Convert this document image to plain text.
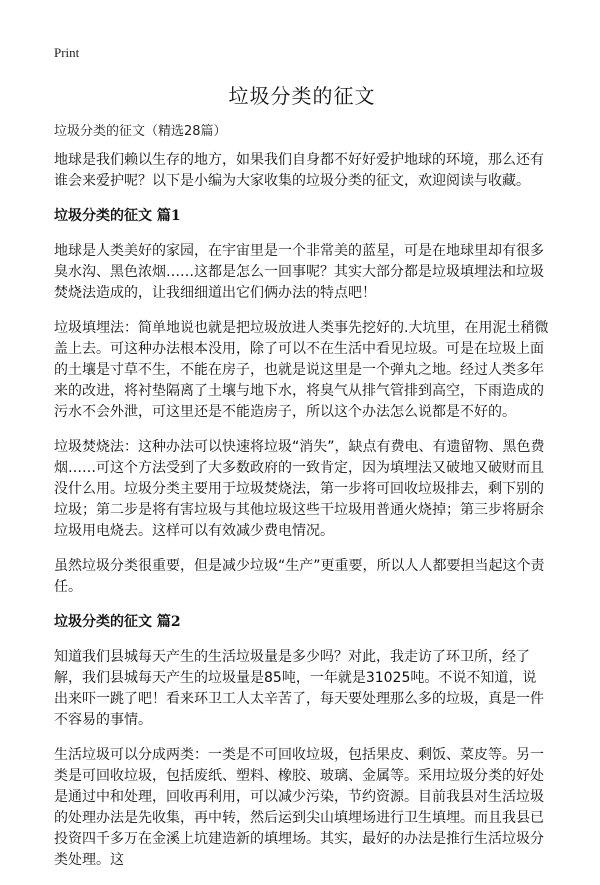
Print
垃圾分类的征文
垃圾分类的征文（精选28篇）

地球是我们赖以生存的地方，如果我们自身都不好好爱护地球的环境，那么还有谁会来爱护呢？以下是小编为大家收集的垃圾分类的征文，欢迎阅读与收藏。

垃圾分类的征文 篇1

地球是人类美好的家园，在宇宙里是一个非常美的蓝星，可是在地球里却有很多臭水沟、黑色浓烟……这都是怎么一回事呢？其实大部分都是垃圾填埋法和垃圾焚烧法造成的，让我细细道出它们俩办法的特点吧！

垃圾填埋法：简单地说也就是把垃圾放进人类事先挖好的.大坑里，在用泥土稍微盖上去。可这种办法根本没用，除了可以不在生活中看见垃圾。可是在垃圾上面的土壤是寸草不生，不能在房子，也就是说这里是一个弹丸之地。经过人类多年来的改进，将衬垫隔离了土壤与地下水，将臭气从排气管排到高空，下雨造成的污水不会外泄，可这里还是不能造房子，所以这个办法怎么说都是不好的。

垃圾焚烧法：这种办法可以快速将垃圾“消失”，缺点有费电、有遗留物、黑色费烟……可这个方法受到了大多数政府的一致肯定，因为填埋法又破地又破财而且没什么用。垃圾分类主要用于垃圾焚烧法，第一步将可回收垃圾排去，剩下别的垃圾；第二步是将有害垃圾与其他垃圾这些干垃圾用普通火烧掉；第三步将厨余垃圾用电烧去。这样可以有效减少费电情况。

虽然垃圾分类很重要，但是减少垃圾“生产”更重要，所以人人都要担当起这个责任。

垃圾分类的征文 篇2

知道我们县城每天产生的生活垃圾量是多少吗？对此，我走访了环卫所，经了解，我们县城每天产生的垃圾量是85吨，一年就是31025吨。不说不知道，说出来吓一跳了吧！看来环卫工人太辛苦了，每天要处理那么多的垃圾，真是一件不容易的事情。

生活垃圾可以分成两类：一类是不可回收垃圾，包括果皮、剩饭、菜皮等。另一类是可回收垃圾，包括废纸、塑料、橡胶、玻璃、金属等。采用垃圾分类的好处是通过中和处理，回收再利用，可以减少污染，节约资源。目前我县对生活垃圾的处理办法是先收集，再中转，然后运到尖山填埋场进行卫生填埋。而且我县已投资四千多万在金溪上坑建造新的填埋场。其实，最好的办法是推行生活垃圾分类处理。这
